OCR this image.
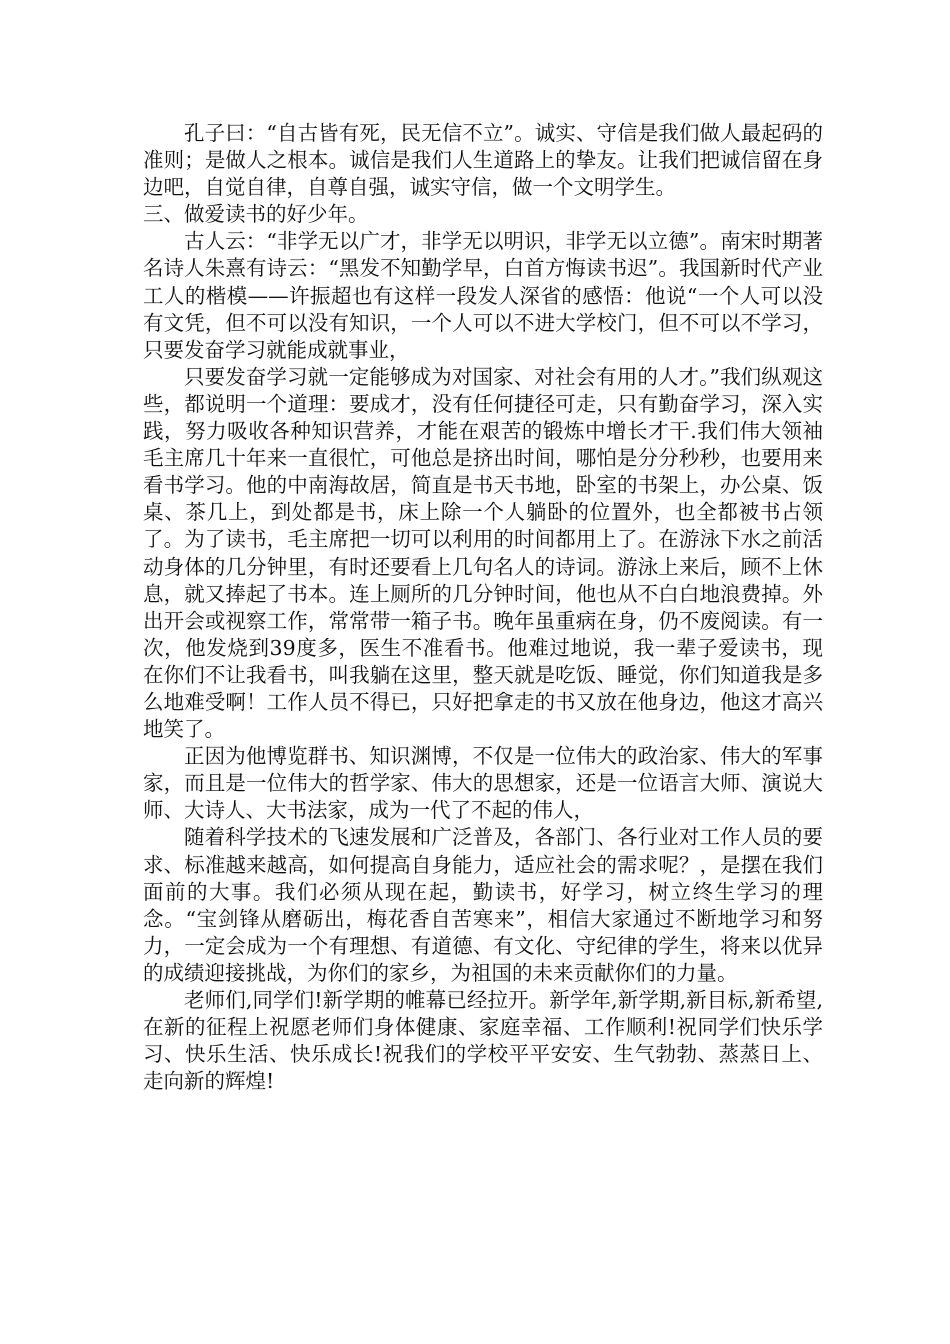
孔子曰：“自古皆有死，民无信不立”。诚实、守信是我们做人最起码的准则；是做人之根本。诚信是我们人生道路上的挚友。让我们把诚信留在身边吧，自觉自律，自尊自强，诚实守信，做一个文明学生。

三、做爱读书的好少年。

古人云：“非学无以广才，非学无以明识，非学无以立德”。南宋时期著名诗人朱熹有诗云：“黑发不知勤学早，白首方悔读书迟”。我国新时代产业工人的楷模——许振超也有这样一段发人深省的感悟：他说“一个人可以没有文凭，但不可以没有知识，一个人可以不进大学校门，但不可以不学习，只要发奋学习就能成就事业，

只要发奋学习就一定能够成为对国家、对社会有用的人才。”我们纵观这些，都说明一个道理：要成才，没有任何捷径可走，只有勤奋学习，深入实践，努力吸收各种知识营养，才能在艰苦的锻炼中增长才干.我们伟大领袖毛主席几十年来一直很忙，可他总是挤出时间，哪怕是分分秒秒，也要用来看书学习。他的中南海故居，简直是书天书地，卧室的书架上，办公桌、饭桌、茶几上，到处都是书，床上除一个人躺卧的位置外，也全都被书占领了。为了读书，毛主席把一切可以利用的时间都用上了。在游泳下水之前活动身体的几分钟里，有时还要看上几句名人的诗词。游泳上来后，顾不上休息，就又捧起了书本。连上厕所的几分钟时间，他也从不白白地浪费掉。外出开会或视察工作，常常带一箱子书。晚年虽重病在身，仍不废阅读。有一次，他发烧到39度多，医生不准看书。他难过地说，我一辈子爱读书，现在你们不让我看书，叫我躺在这里，整天就是吃饭、睡觉，你们知道我是多么地难受啊！工作人员不得已，只好把拿走的书又放在他身边，他这才高兴地笑了。

正因为他博览群书、知识渊博，不仅是一位伟大的政治家、伟大的军事家，而且是一位伟大的哲学家、伟大的思想家，还是一位语言大师、演说大师、大诗人、大书法家，成为一代了不起的伟人，

随着科学技术的飞速发展和广泛普及，各部门、各行业对工作人员的要求、标准越来越高，如何提高自身能力，适应社会的需求呢？，是摆在我们面前的大事。我们必须从现在起，勤读书，好学习，树立终生学习的理念。“宝剑锋从磨砺出，梅花香自苦寒来”，相信大家通过不断地学习和努力，一定会成为一个有理想、有道德、有文化、守纪律的学生，将来以优异的成绩迎接挑战，为你们的家乡，为祖国的未来贡献你们的力量。

老师们,同学们!新学期的帷幕已经拉开。新学年,新学期,新目标,新希望,在新的征程上祝愿老师们身体健康、家庭幸福、工作顺利!祝同学们快乐学习、快乐生活、快乐成长!祝我们的学校平平安安、生气勃勃、蒸蒸日上、走向新的辉煌!
